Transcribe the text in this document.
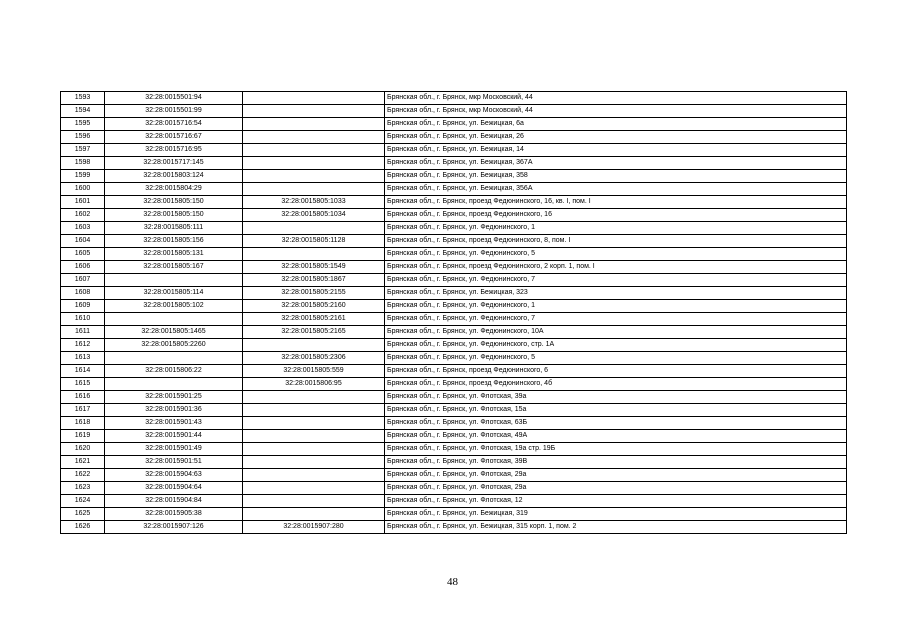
1593	32:28:0015501:94		Брянская обл., г. Брянск, мкр Московский, 44
1594	32:28:0015501:99		Брянская обл., г. Брянск, мкр Московский, 44
1595	32:28:0015716:54		Брянская обл., г. Брянск, ул. Бежицкая, 6а
1596	32:28:0015716:67		Брянская обл., г. Брянск, ул. Бежицкая, 26
1597	32:28:0015716:95		Брянская обл., г. Брянск, ул. Бежицкая, 14
1598	32:28:0015717:145		Брянская обл., г. Брянск, ул. Бежицкая, 367А
1599	32:28:0015803:124		Брянская обл., г. Брянск, ул. Бежицкая, 358
1600	32:28:0015804:29		Брянская обл., г. Брянск, ул. Бежицкая, 356А
1601	32:28:0015805:150	32:28:0015805:1033	Брянская обл., г. Брянск, проезд Федюнинского, 16, кв. I, пом. I
1602	32:28:0015805:150	32:28:0015805:1034	Брянская обл., г. Брянск, проезд Федюнинского, 16
1603	32:28:0015805:111		Брянская обл., г. Брянск, ул. Федюнинского, 1
1604	32:28:0015805:156	32:28:0015805:1128	Брянская обл., г. Брянск, проезд Федюнинского, 8, пом. I
1605	32:28:0015805:131		Брянская обл., г. Брянск, ул. Федюнинского, 5
1606	32:28:0015805:167	32:28:0015805:1549	Брянская обл., г. Брянск, проезд Федюнинского, 2 корп. 1, пом. I
1607		32:28:0015805:1867	Брянская обл., г. Брянск, ул. Федюнинского, 7
1608	32:28:0015805:114	32:28:0015805:2155	Брянская обл., г. Брянск, ул. Бежицкая, 323
1609	32:28:0015805:102	32:28:0015805:2160	Брянская обл., г. Брянск, ул. Федюнинского, 1
1610		32:28:0015805:2161	Брянская обл., г. Брянск, ул. Федюнинского, 7
1611	32:28:0015805:1465	32:28:0015805:2165	Брянская обл., г. Брянск, ул. Федюнинского, 10А
1612	32:28:0015805:2260		Брянская обл., г. Брянск, ул. Федюнинского, стр. 1А
1613		32:28:0015805:2306	Брянская обл., г. Брянск, ул. Федюнинского, 5
1614	32:28:0015806:22	32:28:0015805:559	Брянская обл., г. Брянск, проезд Федюнинского, 6
1615		32:28:0015806:95	Брянская обл., г. Брянск, проезд Федюнинского, 4б
1616	32:28:0015901:25		Брянская обл., г. Брянск, ул. Флотская, 39а
1617	32:28:0015901:36		Брянская обл., г. Брянск, ул. Флотская, 15а
1618	32:28:0015901:43		Брянская обл., г. Брянск, ул. Флотская, 63Б
1619	32:28:0015901:44		Брянская обл., г. Брянск, ул. Флотская, 49А
1620	32:28:0015901:49		Брянская обл., г. Брянск, ул. Флотская, 19а стр. 19Б
1621	32:28:0015901:51		Брянская обл., г. Брянск, ул. Флотская, 39В
1622	32:28:0015904:63		Брянская обл., г. Брянск, ул. Флотская, 29а
1623	32:28:0015904:64		Брянская обл., г. Брянск, ул. Флотская, 29а
1624	32:28:0015904:84		Брянская обл., г. Брянск, ул. Флотская, 12
1625	32:28:0015905:38		Брянская обл., г. Брянск, ул. Бежицкая, 319
1626	32:28:0015907:126	32:28:0015907:280	Брянская обл., г. Брянск, ул. Бежицкая, 315 корп. 1, пом. 2
48
